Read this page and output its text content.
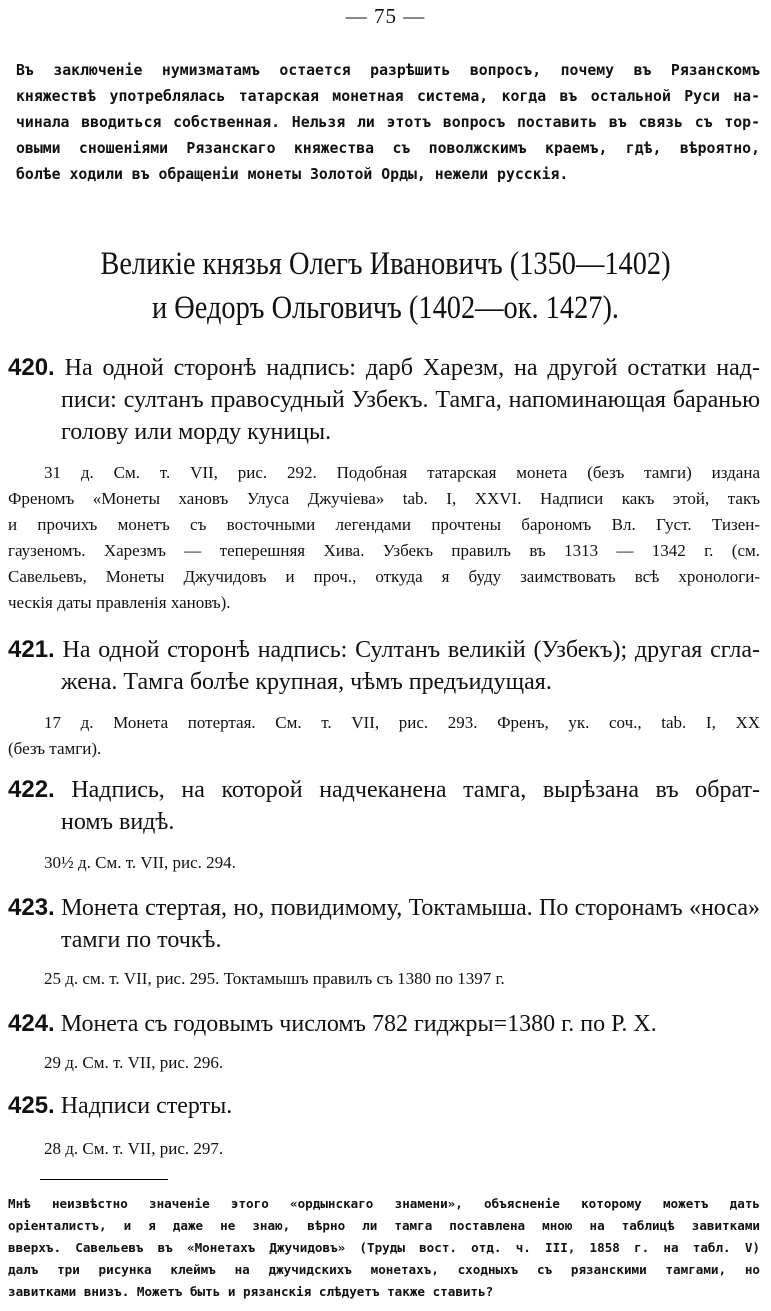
— 75 —
Въ заключеніе нумизматамъ остается разрѣшить вопросъ, почему въ Рязанскомъ
княжествѣ употреблялась татарская монетная система, когда въ остальной Руси на-
чинала вводиться собственная. Нельзя ли этотъ вопросъ поставить въ связь съ тор-
овыми сношеніями Рязанскаго княжества съ поволжскимъ краемъ, гдѣ, вѣроятно,
болѣе ходили въ обращеніи монеты Золотой Орды, нежели русскія.
Великіе князья Олегъ Ивановичъ (1350—1402)
и Өедоръ Ольговичъ (1402—ок. 1427).
420. На одной сторонѣ надпись: дарб Харезм, на другой остатки над-
писи: султанъ правосудный Узбекъ. Тамга, напоминающая баранью
голову или морду куницы.
31 д. См. т. VII, рис. 292. Подобная татарская монета (безъ тамги) издана
Френомъ «Монеты хановъ Улуса Джучіева» tab. I, XXVI. Надписи какъ этой, такъ
и прочихъ монетъ съ восточными легендами прочтены барономъ Вл. Густ. Тизен-
гаузеномъ. Харезмъ — теперешняя Хива. Узбекъ правилъ въ 1313 — 1342 г. (см.
Савельевъ, Монеты Джучидовъ и проч., откуда я буду заимствовать всѣ хронологи-
ческія даты правленія хановъ).
421. На одной сторонѣ надпись: Султанъ великій (Узбекъ); другая сгла-
жена. Тамга болѣе крупная, чѣмъ предъидущая.
17 д. Монета потертая. См. т. VII, рис. 293. Френъ, ук. соч., tab. I, XX
(безъ тамги).
422. Надпись, на которой надчеканена тамга, вырѣзана въ обрат-
номъ видѣ.
30½ д. См. т. VII, рис. 294.
423. Монета стертая, но, повидимому, Токтамыша. По сторонамъ «носа»
тамги по точкѣ.
25 д. см. т. VII, рис. 295. Токтамышъ правилъ съ 1380 по 1397 г.
424. Монета съ годовымъ числомъ 782 гиджры=1380 г. по Р. Х.
29 д. См. т. VII, рис. 296.
425. Надписи стерты.
28 д. См. т. VII, рис. 297.
Мнѣ неизвѣстно значеніе этого «ордынскаго знамени», объясненіе которому можетъ дать
оріенталистъ, и я даже не знаю, вѣрно ли тамга поставлена мною на таблицѣ завитками
вверхъ. Савельевъ въ «Монетахъ Джучидовъ» (Труды вост. отд. ч. III, 1858 г. на табл. V)
далъ три рисунка клеймъ на джучидскихъ монетахъ, сходныхъ съ рязанскими тамгами, но
завитками внизъ. Можетъ быть и рязанскія слѣдуетъ также ставить?
